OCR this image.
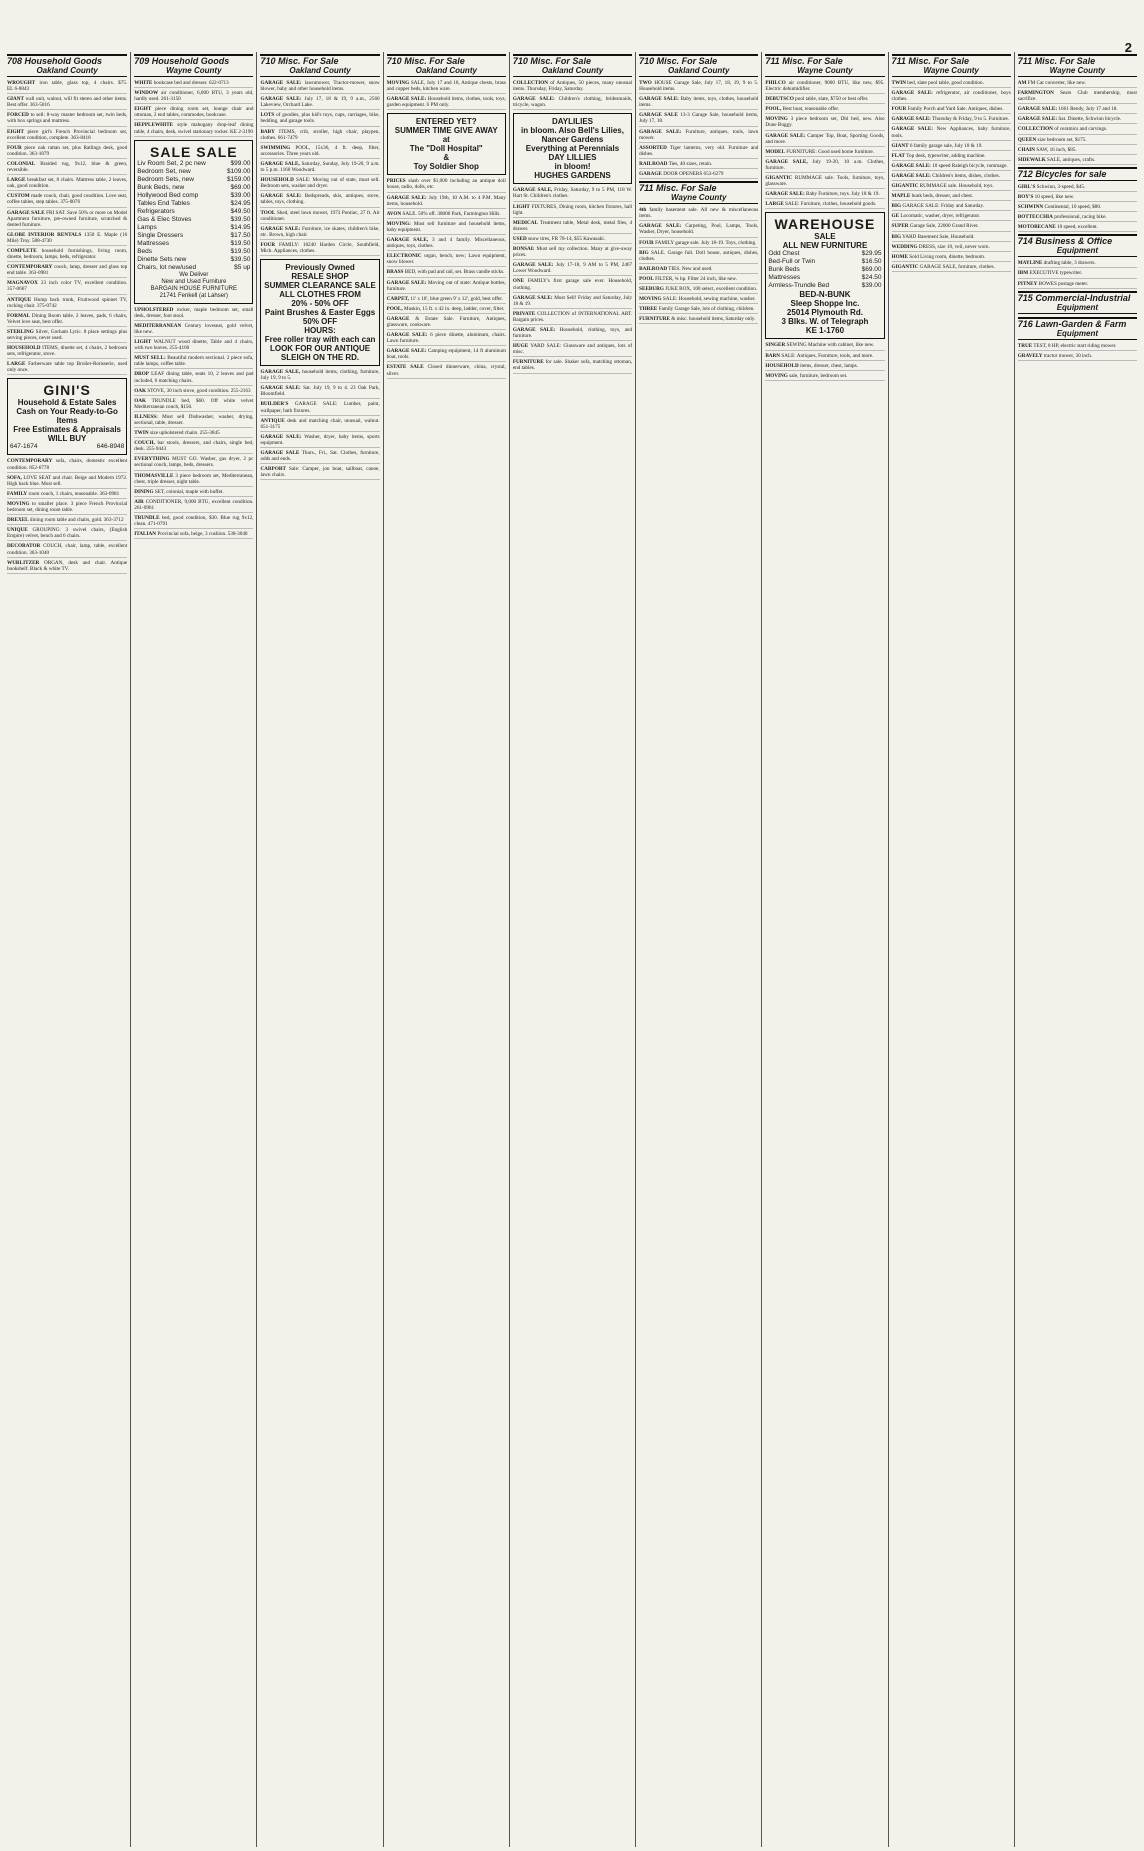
2
708 Household Goods
Oakland County
WROUGHT iron table, glass top, 4 chairs. $75. EL 6-8843
GIANT wall unit, walnut, will fit stereo and other items. Best offer. 363-5016
FORCED to sell: 8-way master bedroom set, twin beds, with box springs and mattress.
EIGHT piece girl's French Provincial bedroom set, excellent condition, complete. 363-8418
FOUR piece oak rattan set, plus Ratlings desk, good condition. 363-1879
COLONIAL Braided rug, 9x12, blue & green, reversible.
LARGE breakfast set, 8 chairs. Mattress table, 2 leaves, oak, good condition.
CUSTOM made couch, chair, good condition. Love seat, coffee tables, step tables. 375-0076
GARAGE SALE FRI SAT. Save 50% or more on Model Apartment furniture, pre-owned furniture, scratched & dented furniture.
GLOBE INTERIOR RENTALS 1350 E. Maple (16 Mile) Troy. 588-4730
COMPLETE household furnishings, living room, dinette, bedroom, lamps, beds, refrigerator.
CONTEMPORARY couch, lamp, dresser and glass top end table. 363-0981
MAGNAVOX 23 inch color TV, excellent condition. 357-0667
ANTIQUE Hump back trunk, Fruitwood spinnet TV, rocking chair. 375-0742
FORMAL Dining Room table, 2 leaves, pads, 6 chairs, Velvet love seat, best offer.
STERLING Silver, Gorham Lyric. 8 place settings plus serving pieces, never used.
HOUSEHOLD ITEMS, dinette set, 4 chairs, 2 bedroom sets, refrigerator, stove.
LARGE Farberware table top Broiler-Rotisserie, used only once.
GINI'S
Household & Estate Sales
Cash on Your Ready-to-Go Items
Free Estimates & Appraisals
WILL BUY
647-1674	646-8948
CONTEMPORARY sofa, chairs, domestic excellent condition. 852-6778
SOFA, LOVE SEAT and chair. Beige and Modern 1972. High back blue. Must sell.
FAMILY room couch, 1 chairs, reasonable. 363-0981
MOVING to smaller place. 3 piece French Provincial bedroom set, dining room table.
DREXEL dining room table and chairs, gold. 363-3712
UNIQUE GROUPING: 3 swivel chairs, (English Empire) velvet, bench and 6 chairs.
DECORATOR COUCH, chair, lamp, table, excellent condition. 363-1040
WURLITZER ORGAN, desk and chair. Antique bookshelf. Black & white TV.
709 Household Goods
Wayne County
WHITE bookcase bed and dresser. 622-0713
WINDOW air conditioner, 6,000 BTU, 3 years old, hardly used. 261-3150
EIGHT piece dining room set, lounge chair and ottoman, 2 end tables, commodes, bookcase.
HEPPLEWHITE style mahogany drop-leaf dining table, 4 chairs, desk, swivel stationary rocker. KE 2-3190
SALE SALE
Liv Room Set, 2 pc new	$99.00
Bedroom Set, new	$109.00
Bedroom Sets, new	$159.00
Bunk Beds, new	$69.00
Hollywood Bed comp	$39.00
Tables End Tables	$24.95
Refrigerators	$49.50
Gas & Elec Stoves	$39.50
Lamps	$14.95
Single Dressers	$17.50
Mattresses	$19.50
Beds	$19.50
Dinette Sets new	$39.50
Chairs, lot new/used	$5 up
We Deliver
New and Used Furniture
BARGAIN HOUSE FURNITURE
21741 Fenkell (at Lahser)
UPHOLSTERED rocker, maple bedroom set, small desk, dresser, foot stool.
MEDITERRANEAN Century loveseat, gold velvet, like new.
LIGHT WALNUT wood dinette, Table and 4 chairs, with two leaves. 255-4160
MUST SELL: Beautiful modern sectional. 2 piece sofa, table lamps, coffee table.
DROP LEAF dining table, seats 10, 2 leaves and pad included, 6 matching chairs.
OAK STOVE, 30 inch stove, good condition. 255-2163
OAK TRUNDLE bed, $60. Off white velvet Mediterranean couch, $150.
ILLNESS: Must sell Dishwasher, washer, drying, sectional, table, dresser.
TWIN size upholstered chairs. 255-3845
COUCH, bar stools, dressers, and chairs, single bed, desk. 255-9443
EVERYTHING MUST GO. Washer, gas dryer, 2 pc sectional couch, lamps, beds, dressers.
THOMASVILLE 3 piece bedroom set, Mediterranean, chest, triple dresser, night table.
DINING SET, colonial, maple with buffet.
AIR CONDITIONER, 9,000 BTU, excellent condition. 261-0961
TRUNDLE bed, good condition, $30. Blue rug 9x12, clean. 471-0791
ITALIAN Provincial sofa, beige, 3 cushion. 538-3040
710 Misc. For Sale
Oakland County
GARAGE SALE: lawnmower, Tractor-mower, snow blower, baby and other household items.
GARAGE SALE: July 17, 18 & 19, 9 a.m., 2560 Lakeview, Orchard Lake.
LOTS of goodies, plus kid's toys, cups, carriages, bike, bedding, and garage tools.
BABY ITEMS, crib, stroller, high chair, playpen, clothes. 661-7479
SWIMMING POOL, 15x36, 4 ft. deep, filter, accessories. Three years old.
GARAGE SALE, Saturday, Sunday, July 19-20, 9 a.m. to 5 p.m. 1160 Woodward.
HOUSEHOLD SALE: Moving out of state, must sell. Bedroom sets, washer and dryer.
GARAGE SALE: Bedspreads, skis, antiques, stove, tables, toys, clothing.
TOOL Shed, steel lawn mower, 1973 Pontiac, 27 ft. Air conditioner.
GARAGE SALE: Furniture, ice skates, children's bike, etc. Brown, high chair.
FOUR FAMILY: 18240 Harden Circle, Southfield, Mich. Appliances, clothes.
Previously Owned
RESALE SHOP
SUMMER CLEARANCE SALE
ALL CLOTHES FROM
20% - 50% OFF
Paint Brushes & Easter Eggs
50% OFF
HOURS:
Free roller tray with each can
LOOK FOR OUR ANTIQUE SLEIGH ON THE RD.
GARAGE SALE, household items, clothing, furniture, July 19, 9 to 5.
GARAGE SALE: Sat. July 19, 9 to 4. 23 Oak Park, Bloomfield.
BUILDER'S GARAGE SALE: Lumber, paint, wallpaper, bath fixtures.
ANTIQUE desk and matching chair, unusual, walnut. 651-3175
GARAGE SALE: Washer, dryer, baby items, sports equipment.
GARAGE SALE Thurs., Fri., Sat. Clothes, furniture, odds and ends.
CARPORT Sale: Camper, jon boat, sailboat, canoe, lawn chairs.
710 Misc. For Sale
Oakland County
MOVING SALE, July 17 and 18, Antique chests, brass and copper beds, kitchen ware.
GARAGE SALE: Household items, clothes, tools, toys, garden equipment. 6 PM only.
ENTERED YET?
SUMMER TIME GIVE AWAY
at
The "Doll Hospital"
&
Toy Soldier Shop
PRICES slash over $1,000 including an antique doll house, radio, dolls, etc.
GARAGE SALE: July 19th, 10 A.M. to 4 P.M. Many items, household.
AVON SALE. 50% off. 38000 Park, Farmington Hills.
MOVING: Must sell furniture and household items, baby equipment.
GARAGE SALE, 3 and 4 family. Miscellaneous, antiques, toys, clothes.
ELECTRONIC organ, bench, new; Lawn equipment, snow blower.
BRASS BED, with pad and rail, set. Brass candle sticks.
GARAGE SALE: Moving out of state: Antique bottles, furniture.
CARPET, 11' x 18', blue green 9' x 12', gold, best offer.
POOL, Muskin, 15 ft. x 42 in. deep, ladder, cover, filter.
GARAGE & Estate Sale. Furniture, Antiques, glassware, cookware.
GARAGE SALE: 6 piece dinette, aluminum, chairs. Lawn furniture.
GARAGE SALE: Camping equipment, 14 ft aluminum boat, tools.
ESTATE SALE Closed dinnerware, china, crystal, silver.
710 Misc. For Sale
Oakland County
COLLECTION of Antiques, 50 pieces, many unusual items. Thursday, Friday, Saturday.
GARAGE SALE: Children's clothing, bridesmaids, tricycle, wagon.
DAYLILIES
in bloom. Also Bell's Lilies, Nancer Gardens
Everything at Perennials
DAY LILLIES
in bloom!
HUGHES GARDENS
GARAGE SALE, Friday, Saturday, 9 to 5 PM, 118 W. Hart St. Children's clothes.
LIGHT FIXTURES, Dining room, kitchen fixtures, hall light.
MEDICAL Treatment table, Metal desk, metal files, 4 drawer.
USED snow tires, FR 78-14, $55 Kawasaki.
BONSAI: Must sell my collection. Many at give-away prices.
GARAGE SALE: July 17-18, 9 AM to 5 PM, 2467 Lower Woodward.
ONE FAMILY's first garage sale ever. Household, clothing.
GARAGE SALE: Must Sell! Friday and Saturday, July 18 & 19.
PRIVATE COLLECTION of INTERNATIONAL ART. Bargain prices.
GARAGE SALE: Household, clothing, toys, and furniture.
HUGE YARD SALE: Glassware and antiques, lots of misc.
FURNITURE for sale. Shaker sofa, matching ottoman, end tables.
710 Misc. For Sale
Oakland County
TWO HOUSE Garage Sale, July 17, 18, 19, 9 to 5. Household items.
GARAGE SALE: Baby items, toys, clothes, household items.
GARAGE SALE 13-3 Garage Sale, household items, July 17, 18.
GARAGE SALE: Furniture, antiques, tools, lawn mower.
ASSORTED Tiger lanterns, very old. Furniture and dishes.
RAILROAD Ties, 40 sizes, retain.
GARAGE DOOR OPENERS 653-6279
711 Misc. For Sale
Wayne County
4th family basement sale. All new & miscellaneous items.
GARAGE SALE: Carpeting, Pool, Lamps, Tools, Washer, Dryer, household.
FOUR FAMILY garage sale. July 18-19. Toys, clothing.
BIG SALE. Garage full. Doll house, antiques, dishes, clothes.
BAILROAD TIES. New and used.
POOL FILTER, ¾ hp. Filter 24 inch, like new.
SEEBURG JUKE BOX, 100 select, excellent condition.
MOVING SALE: Household, sewing machine, washer.
THREE Family Garage Sale, lots of clothing, children.
FURNITURE & misc. household items, Saturday only.
711 Misc. For Sale
Wayne County
PHILCO air conditioner, 9000 BTU, like new, $95. Electric dehumidifier.
DEBUTSCO pool table, slate, $750 or best offer.
POOL, Best boat, reasonable offer.
MOVING 3 piece bedroom set, Dbl bed, new. Also Dune Buggy.
GARAGE SALE: Camper Top, Boat, Sporting Goods, and more.
MODEL FURNITURE: Good used home furniture.
GARAGE SALE, July 19-20, 10 a.m. Clothes, furniture.
GIGANTIC RUMMAGE sale. Tools, furniture, toys, glassware.
GARAGE SALE: Baby Furniture, toys. July 18 & 19.
LARGE SALE: Furniture, clothes, household goods.
WAREHOUSE
SALE
ALL NEW FURNITURE
Odd Chest	$29.95
Bed-Full or Twin	$16.50
Bunk Beds	$69.00
Mattresses	$24.50
Armless-Trundle Bed	$39.00
BED-N-BUNK
Sleep Shoppe Inc.
25014 Plymouth Rd.
3 Blks. W. of Telegraph
KE 1-1760
SINGER SEWING Machine with cabinet, like new.
BARN SALE: Antiques, Furniture, tools, and more.
HOUSEHOLD items, dresser, chest, lamps.
MOVING sale, furniture, bedroom set.
711 Misc. For Sale
Wayne County
TWIN bed, slate pool table, good condition.
GARAGE SALE: refrigerator, air conditioner, boys clothes.
FOUR Family Porch and Yard Sale. Antiques, dishes.
GARAGE SALE: Thursday & Friday, 9 to 5. Furniture.
GARAGE SALE: New Appliances, baby furniture, tools.
GIANT 6 family garage sale, July 18 & 19.
FLAT Top desk, typewriter, adding machine.
GARAGE SALE: 10 speed Raleigh bicycle, rummage.
GARAGE SALE: Children's items, dishes, clothes.
GIGANTIC RUMMAGE sale. Household, toys.
MAPLE bunk beds, dresser, and chest.
BIG GARAGE SALE: Friday and Saturday.
GE Locomatic, washer, dryer, refrigerator.
SUPER Garage Sale, 22000 Grand River.
BIG YARD Basement Sale, Household.
WEDDING DRESS, size 10, veil, never worn.
HOME Sold Living room, dinette, bedroom.
GIGANTIC GARAGE SALE, furniture, clothes.
711 Misc. For Sale
Wayne County
AM FM Car converter, like new.
FARMINGTON Sears Club membership, must sacrifice.
GARAGE SALE: 1661 Rendy, July 17 and 18.
GARAGE SALE: Sat. Dinette, Schwinn bicycle.
COLLECTION of ceramics and carvings.
QUEEN size bedroom set, $175.
CHAIN SAW, 16 inch, $85.
SIDEWALK SALE, antiques, crafts.
712 Bicycles for sale
GIRL'S Schwinn, 3-speed, $45.
BOY'S 10 speed, like new.
SCHWINN Continental, 10 speed, $80.
BOTTECCHIA professional, racing bike.
MOTOBECANE 10 speed, excellent.
714 Business & Office
Equipment
MAYLINE drafting table, 3 drawers.
IBM EXECUTIVE typewriter.
PITNEY BOWES postage meter.
715 Commercial-Industrial
Equipment
716 Lawn-Garden & Farm
Equipment
TRUE TEST, 8 HP, electric start riding mower.
GRAVELY tractor mower, 30 inch.
